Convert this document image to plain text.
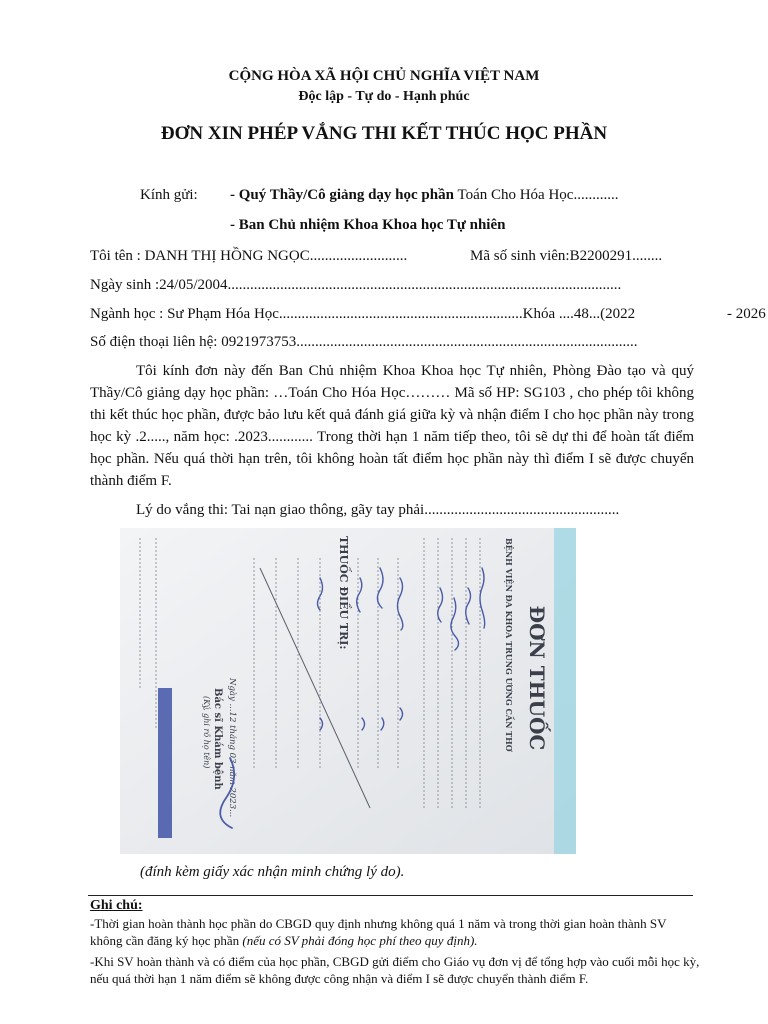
CỘNG HÒA XÃ HỘI CHỦ NGHĨA VIỆT NAM
Độc lập - Tự do - Hạnh phúc
ĐƠN XIN PHÉP VẮNG THI KẾT THÚC HỌC PHẦN
Kính gửi: - Quý Thầy/Cô giảng dạy học phần Toán Cho Hóa Học............
- Ban Chủ nhiệm Khoa Khoa học Tự nhiên
Tôi tên : DANH THỊ HỒNG NGỌC..........................	Mã số sinh viên:B2200291........
Ngày sinh :24/05/2004.........................................................................................................
Ngành học : Sư Phạm Hóa Học.................................................................Khóa ....48...(2022	- 2026
Số điện thoại liên hệ: 0921973753...........................................................................................
Tôi kính đơn này đến Ban Chủ nhiệm Khoa Khoa học Tự nhiên, Phòng Đào tạo và quý Thầy/Cô giảng dạy học phần: …Toán Cho Hóa Học……… Mã số HP: SG103 , cho phép tôi không thi kết thúc học phần, được bảo lưu kết quả đánh giá giữa kỳ và nhận điểm I cho học phần này trong học kỳ .2....., năm học: .2023............ Trong thời hạn 1 năm tiếp theo, tôi sẽ dự thi để hoàn tất điểm học phần. Nếu quá thời hạn trên, tôi không hoàn tất điểm học phần này thì điểm I sẽ được chuyển thành điểm F.
Lý do vắng thi: Tai nạn giao thông, gãy tay phải....................................................
ĐƠN THUỐC
BỆNH VIỆN ĐA KHOA TRUNG ƯƠNG CẦN THƠ
THUỐC ĐIỀU TRỊ:
Bác sĩ Khám bệnh
(Ký, ghi rõ họ tên) Ngày ...12 tháng 03 năm 2023...
(đính kèm giấy xác nhận minh chứng lý do).
Ghi chú:
-Thời gian hoàn thành học phần do CBGD quy định nhưng không quá 1 năm và trong thời gian hoàn thành SV không cần đăng ký học phần (nếu có SV phải đóng học phí theo quy định).
-Khi SV hoàn thành và có điểm của học phần, CBGD gửi điểm cho Giáo vụ đơn vị để tổng hợp vào cuối mỗi học kỳ, nếu quá thời hạn 1 năm điểm sẽ không được công nhận và điểm I sẽ được chuyển thành điểm F.
